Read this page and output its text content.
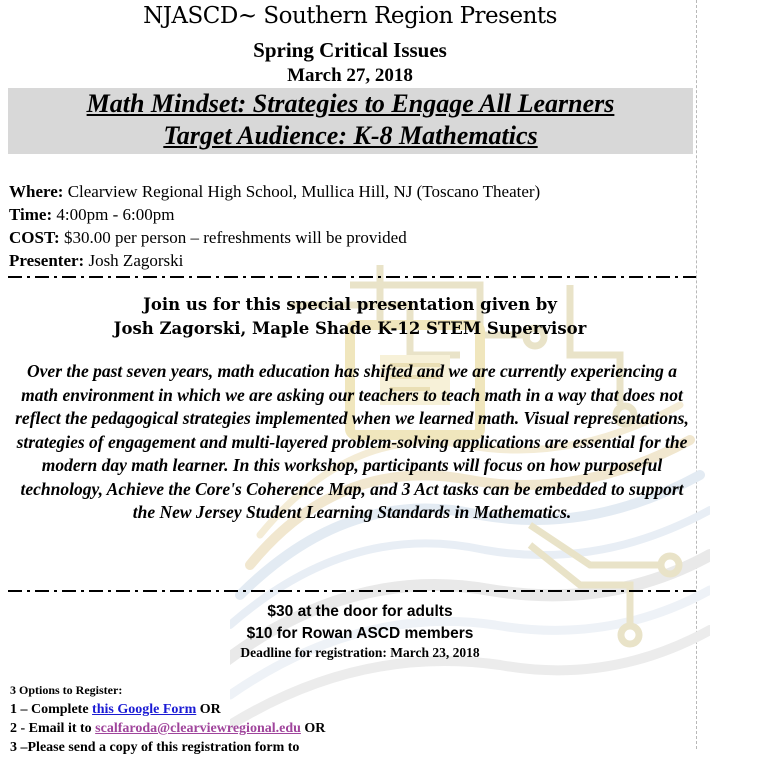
NJASCD~ Southern Region Presents
Spring Critical Issues
March 27, 2018
Math Mindset: Strategies to Engage All Learners
Target Audience: K-8 Mathematics
Where: Clearview Regional High School, Mullica Hill, NJ (Toscano Theater)
Time: 4:00pm - 6:00pm
COST: $30.00 per person – refreshments will be provided
Presenter: Josh Zagorski
Join us for this special presentation given by
Josh Zagorski, Maple Shade K-12 STEM Supervisor
Over the past seven years, math education has shifted and we are currently experiencing a math environment in which we are asking our teachers to teach math in a way that does not reflect the pedagogical strategies implemented when we learned math. Visual representations, strategies of engagement and multi-layered problem-solving applications are essential for the modern day math learner. In this workshop, participants will focus on how purposeful technology, Achieve the Core's Coherence Map, and 3 Act tasks can be embedded to support the New Jersey Student Learning Standards in Mathematics.
$30 at the door for adults
$10 for Rowan ASCD members
Deadline for registration: March 23, 2018
3 Options to Register:
1 – Complete this Google Form OR
2 - Email it to scalfaroda@clearviewregional.edu OR
3 –Please send a copy of this registration form to
